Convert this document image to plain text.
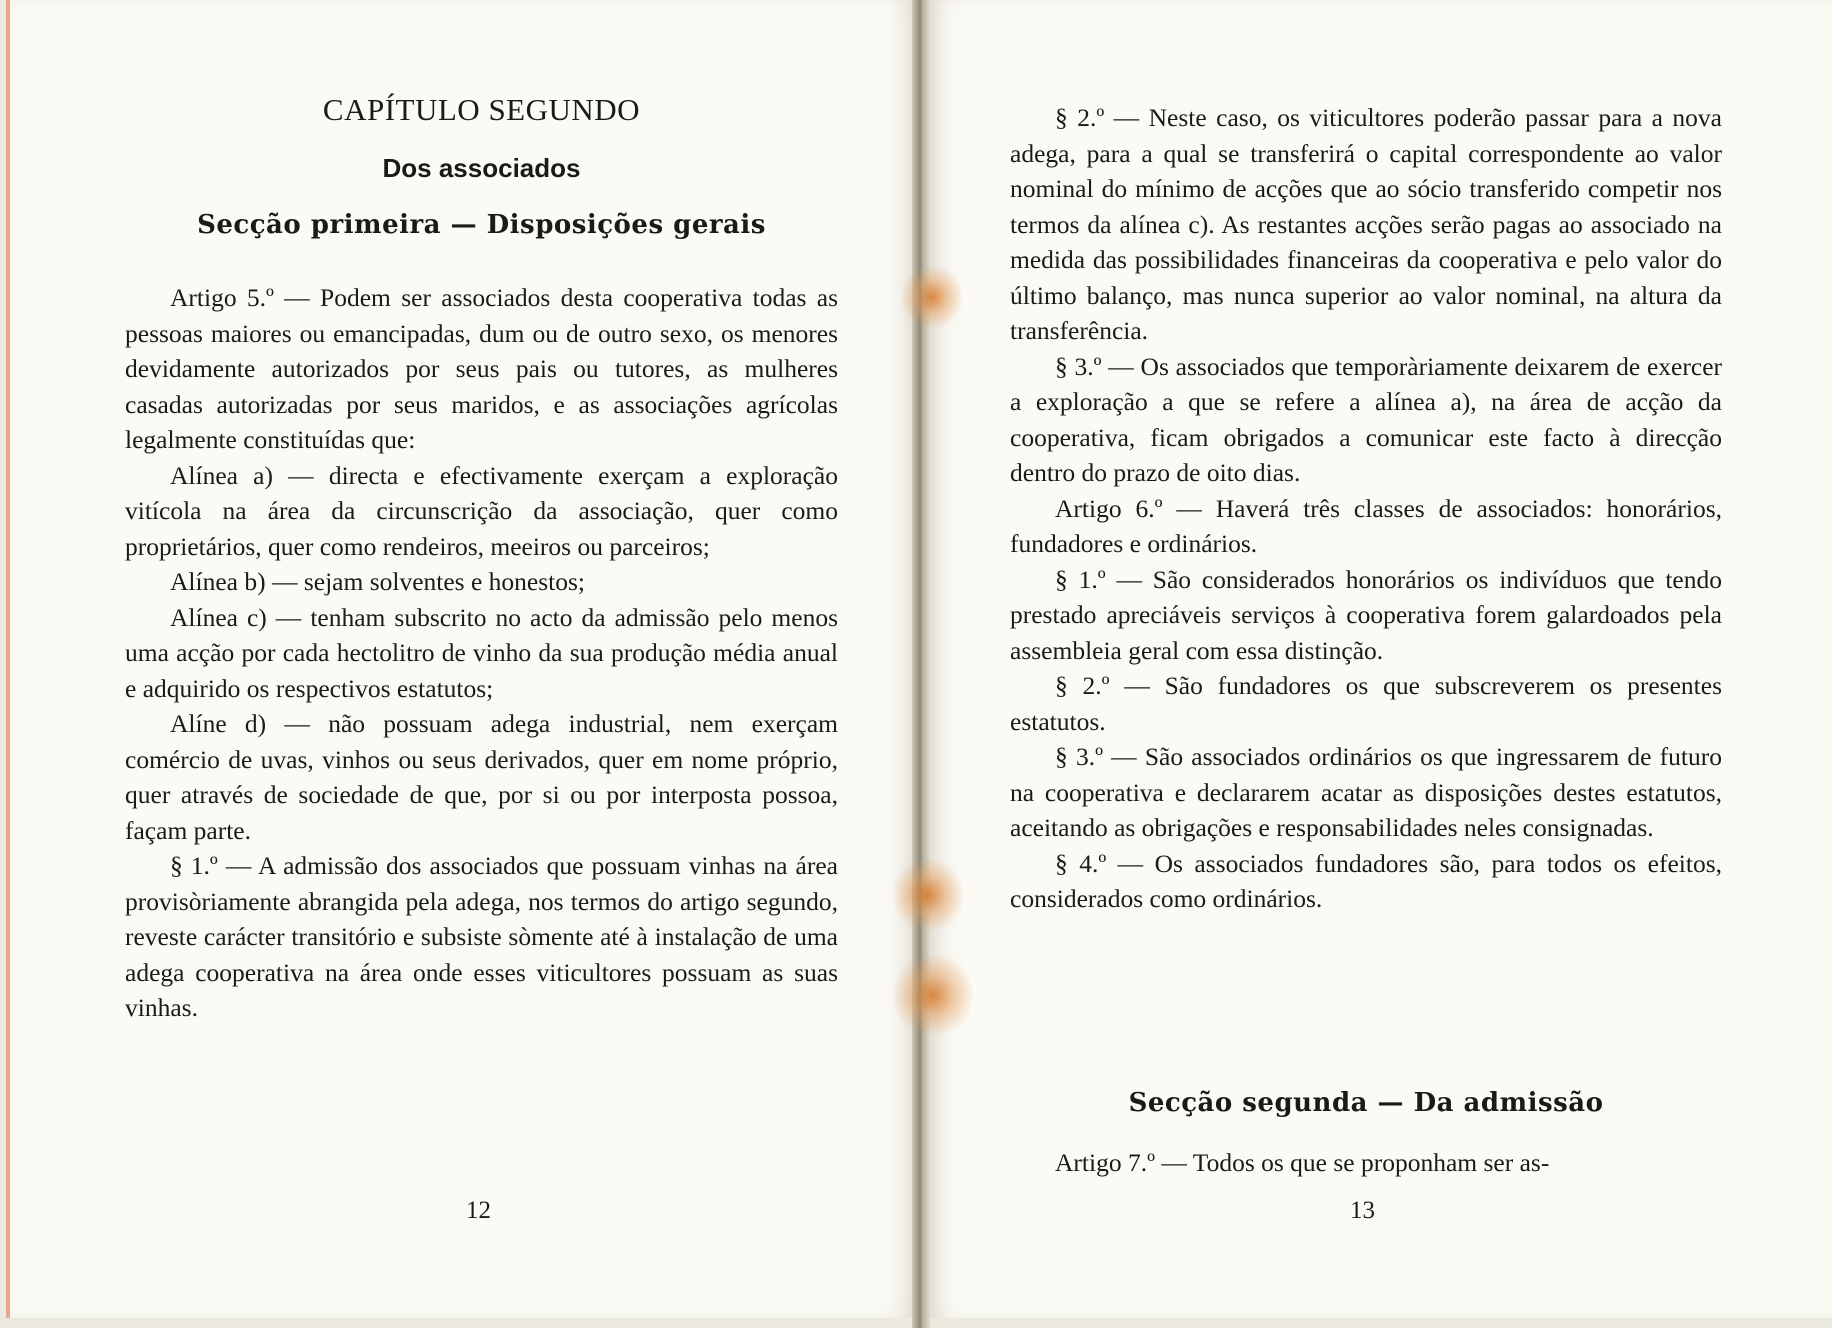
CAPÍTULO SEGUNDO
Dos associados
Secção primeira — Disposições gerais

Artigo 5.º — Podem ser associados desta cooperativa todas as pessoas maiores ou emancipadas, dum ou de outro sexo, os menores devidamente autorizados por seus pais ou tutores, as mulheres casadas autorizadas por seus maridos, e as associações agrícolas legalmente constituídas que:

Alínea a) — directa e efectivamente exerçam a exploração vitícola na área da circunscrição da associação, quer como proprietários, quer como rendeiros, meeiros ou parceiros;

Alínea b) — sejam solventes e honestos;

Alínea c) — tenham subscrito no acto da admissão pelo menos uma acção por cada hectolitro de vinho da sua produção média anual e adquirido os respectivos estatutos;

Alíne d) — não possuam adega industrial, nem exerçam comércio de uvas, vinhos ou seus derivados, quer em nome próprio, quer através de sociedade de que, por si ou por interposta possoa, façam parte.

§ 1.º — A admissão dos associados que possuam vinhas na área provisòriamente abrangida pela adega, nos termos do artigo segundo, reveste carácter transitório e subsiste sòmente até à instalação de uma adega cooperativa na área onde esses viticultores possuam as suas vinhas.

12

§ 2.º — Neste caso, os viticultores poderão passar para a nova adega, para a qual se transferirá o capital correspondente ao valor nominal do mínimo de acções que ao sócio transferido competir nos termos da alínea c). As restantes acções serão pagas ao associado na medida das possibilidades financeiras da cooperativa e pelo valor do último balanço, mas nunca superior ao valor nominal, na altura da transferência.

§ 3.º — Os associados que temporàriamente deixarem de exercer a exploração a que se refere a alínea a), na área de acção da cooperativa, ficam obrigados a comunicar este facto à direcção dentro do prazo de oito dias.

Artigo 6.º — Haverá três classes de associados: honorários, fundadores e ordinários.

§ 1.º — São considerados honorários os indivíduos que tendo prestado apreciáveis serviços à cooperativa forem galardoados pela assembleia geral com essa distinção.

§ 2.º — São fundadores os que subscreverem os presentes estatutos.

§ 3.º — São associados ordinários os que ingressarem de futuro na cooperativa e declararem acatar as disposições destes estatutos, aceitando as obrigações e responsabilidades neles consignadas.

§ 4.º — Os associados fundadores são, para todos os efeitos, considerados como ordinários.

Secção segunda — Da admissão

Artigo 7.º — Todos os que se proponham ser as-

13
